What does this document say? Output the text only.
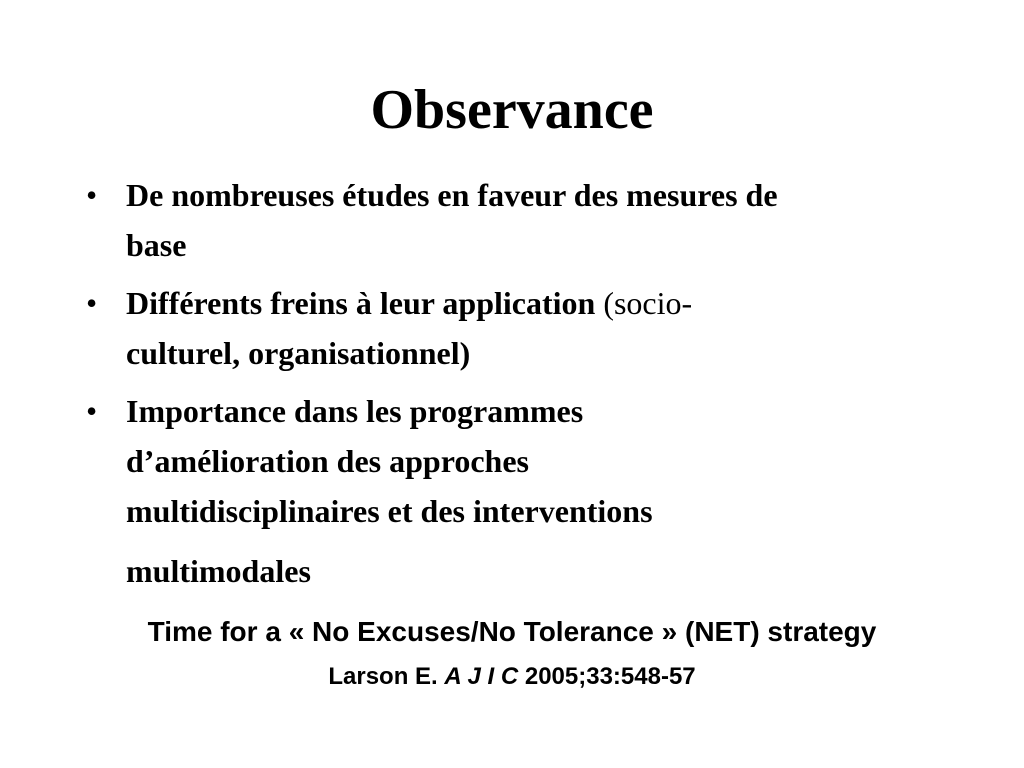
Observance
• De nombreuses études en faveur des mesures de
base
• Différents freins à leur application (socio-
culturel, organisationnel)
• Importance dans les programmes
d’amélioration des approches
multidisciplinaires et des interventions
multimodales

Time for a « No Excuses/No Tolerance » (NET) strategy

Larson E. A J I C 2005;33:548-57
